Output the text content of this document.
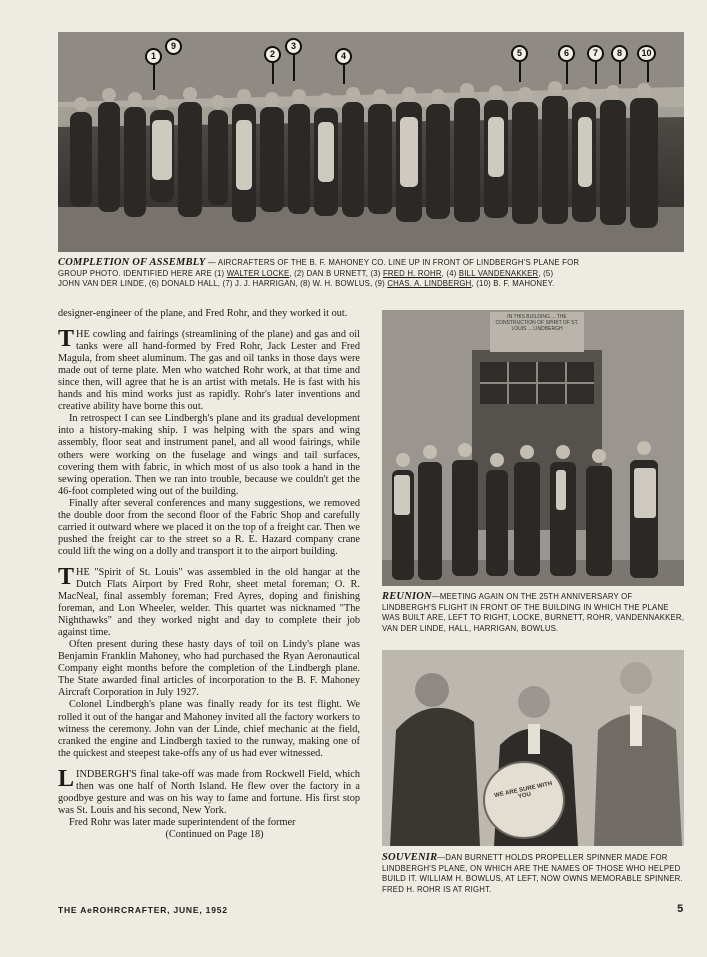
1
9
2
3
4	5	6	7	8	10
COMPLETION OF ASSEMBLY — AIRCRAFTERS OF THE B. F. MAHONEY CO. LINE UP IN FRONT OF LINDBERGH'S PLANE FOR
GROUP PHOTO. IDENTIFIED HERE ARE (1) WALTER LOCKE, (2) DAN B URNETT, (3) FRED H. ROHR, (4) BILL VANDENAKKER, (5)
JOHN VAN DER LINDE, (6) DONALD HALL, (7) J. J. HARRIGAN, (8) W. H. BOWLUS, (9) CHAS. A. LINDBERGH, (10) B. F. MAHONEY.

designer-engineer of the plane, and Fred Rohr, and they worked it out.

THE cowling and fairings (streamlining of the plane) and gas and oil tanks were all hand-formed by Fred Rohr, Jack Lester and Fred Magula, from sheet aluminum. The gas and oil tanks in those days were made out of terne plate. Men who watched Rohr work, at that time and since then, will agree that he is an artist with metals. He is fast with his hands and his mind works just as rapidly. Rohr's later inventions and creative ability have borne this out.

In retrospect I can see Lindbergh's plane and its gradual development into a history-making ship. I was helping with the spars and wing assembly, floor seat and instrument panel, and all wood fairings, while others were working on the fuselage and wings and tail surfaces, covering them with fabric, in which most of us also took a hand in the sewing operation. Then we ran into trouble, because we couldn't get the 46-foot completed wing out of the building.

Finally after several conferences and many suggestions, we removed the double door from the second floor of the Fabric Shop and carefully carried it outward where we placed it on the top of a freight car. Then we pushed the freight car to the street so a R. E. Hazard company crane could lift the wing on a dolly and transport it to the airport building.

THE "Spirit of St. Louis" was assembled in the old hangar at the Dutch Flats Airport by Fred Rohr, sheet metal foreman; O. R. MacNeal, final assembly foreman; Fred Ayres, doping and finishing foreman, and Lon Wheeler, welder. This quartet was nicknamed "The Nighthawks" and they worked night and day to complete their job against time.

Often present during these hasty days of toil on Lindy's plane was Benjamin Franklin Mahoney, who had purchased the Ryan Aeronautical Company eight months before the completion of the Lindbergh plane. The State awarded final articles of incorporation to the B. F. Mahoney Aircraft Corporation in July 1927.

Colonel Lindbergh's plane was finally ready for its test flight. We rolled it out of the hangar and Mahoney invited all the factory workers to witness the ceremony. John van der Linde, chief mechanic at the field, cranked the engine and Lindbergh taxied to the runway, making one of the quickest and steepest take-offs any of us had ever witnessed.

LINDBERGH'S final take-off was made from Rockwell Field, which then was one half of North Island. He flew over the factory in a goodbye gesture and was on his way to fame and fortune. His first stop was St. Louis and his second, New York.

Fred Rohr was later made superintendent of the former

(Continued on Page 18)

IN THIS BUILDING ... THE CONSTRUCTION OF SPIRIT OF ST. LOUIS ... LINDBERGH
REUNION—MEETING AGAIN ON THE 25TH ANNIVERSARY OF LINDBERGH'S FLIGHT IN FRONT OF THE BUILDING IN WHICH THE PLANE WAS BUILT ARE, LEFT TO RIGHT, LOCKE, BURNETT, ROHR, VANDENNAKKER, VAN DER LINDE, HALL, HARRIGAN, BOWLUS.
WE ARE SURE WITH YOU
SOUVENIR—DAN BURNETT HOLDS PROPELLER SPINNER MADE FOR LINDBERGH'S PLANE, ON WHICH ARE THE NAMES OF THOSE WHO HELPED BUILD IT. WILLIAM H. BOWLUS, AT LEFT, NOW OWNS MEMORABLE SPINNER. FRED H. ROHR IS AT RIGHT.
THE AeROHRCRAFTER, JUNE, 1952	5
